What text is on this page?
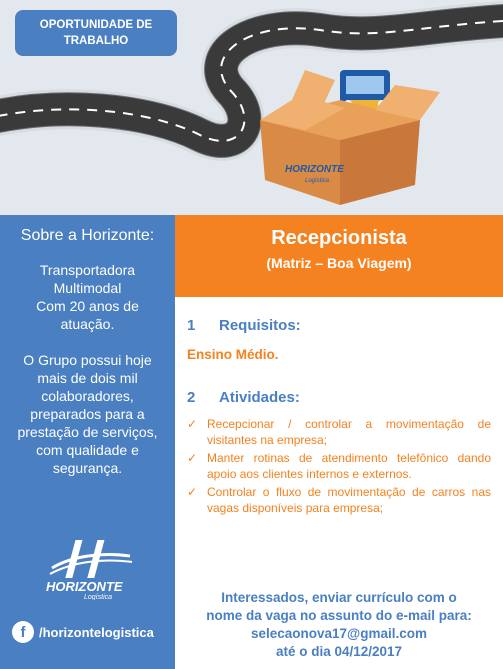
HORIZONTE
Logística
OPORTUNIDADE DE
TRABALHO
Sobre a Horizonte:
Transportadora
Multimodal
Com 20 anos de
atuação.
O Grupo possui hoje
mais de dois mil
colaboradores,
preparados para a
prestação de serviços,
com qualidade e
segurança.
HORIZONTE
Logística
f	/horizontelogistica
Recepcionista
(Matriz – Boa Viagem)
1	Requisitos:
Ensino Médio.
2	Atividades:
✓ Recepcionar / controlar a movimentação de visitantes na empresa;
✓ Manter rotinas de atendimento telefônico dando apoio aos clientes internos e externos.
✓ Controlar o fluxo de movimentação de carros nas vagas disponíveis para empresa;
Interessados, enviar currículo com o
nome da vaga no assunto do e-mail para:
selecaonova17@gmail.com
até o dia 04/12/2017
